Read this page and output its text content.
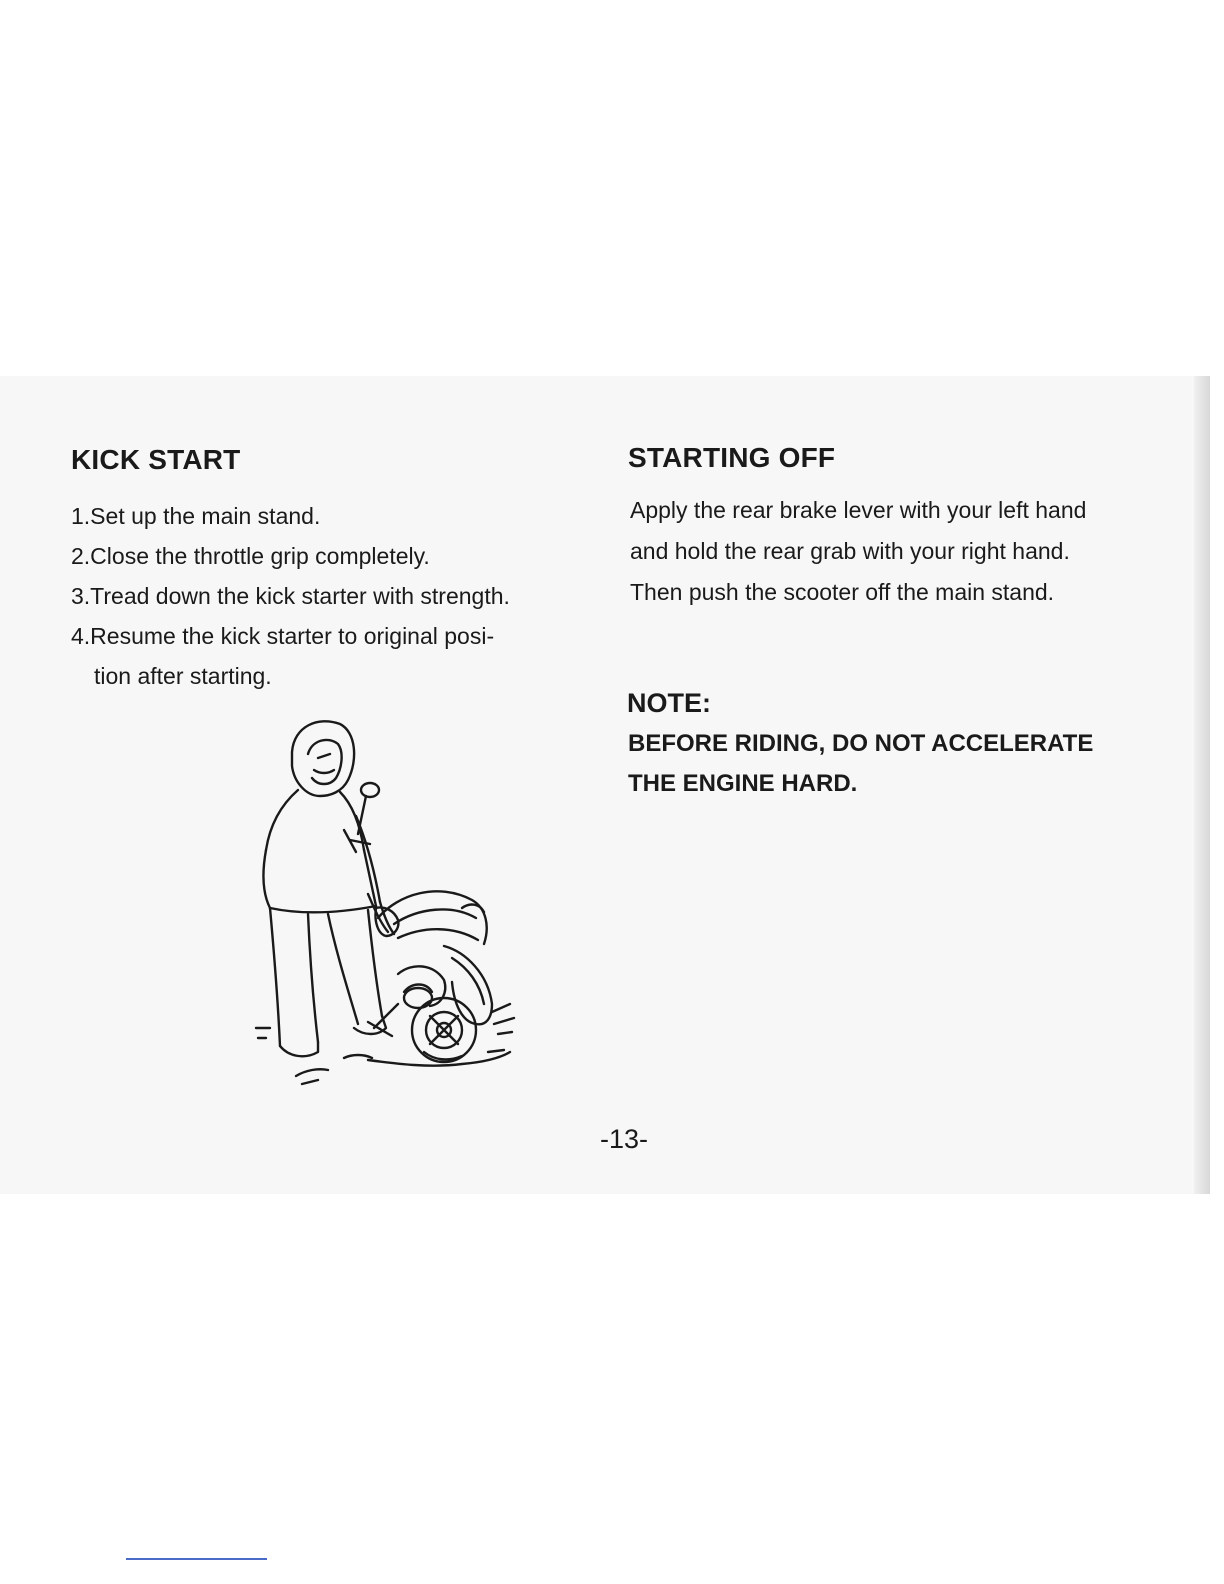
KICK START

1.Set up the main stand.

2.Close the throttle grip completely.

3.Tread down the kick starter with strength.

4.Resume the kick starter to original posi-

tion after starting.

STARTING OFF

Apply the rear brake lever with your left hand

and hold the rear grab with your right hand.

Then push the scooter off the main stand.

NOTE:

BEFORE RIDING, DO NOT ACCELERATE

THE ENGINE HARD.

-13-
